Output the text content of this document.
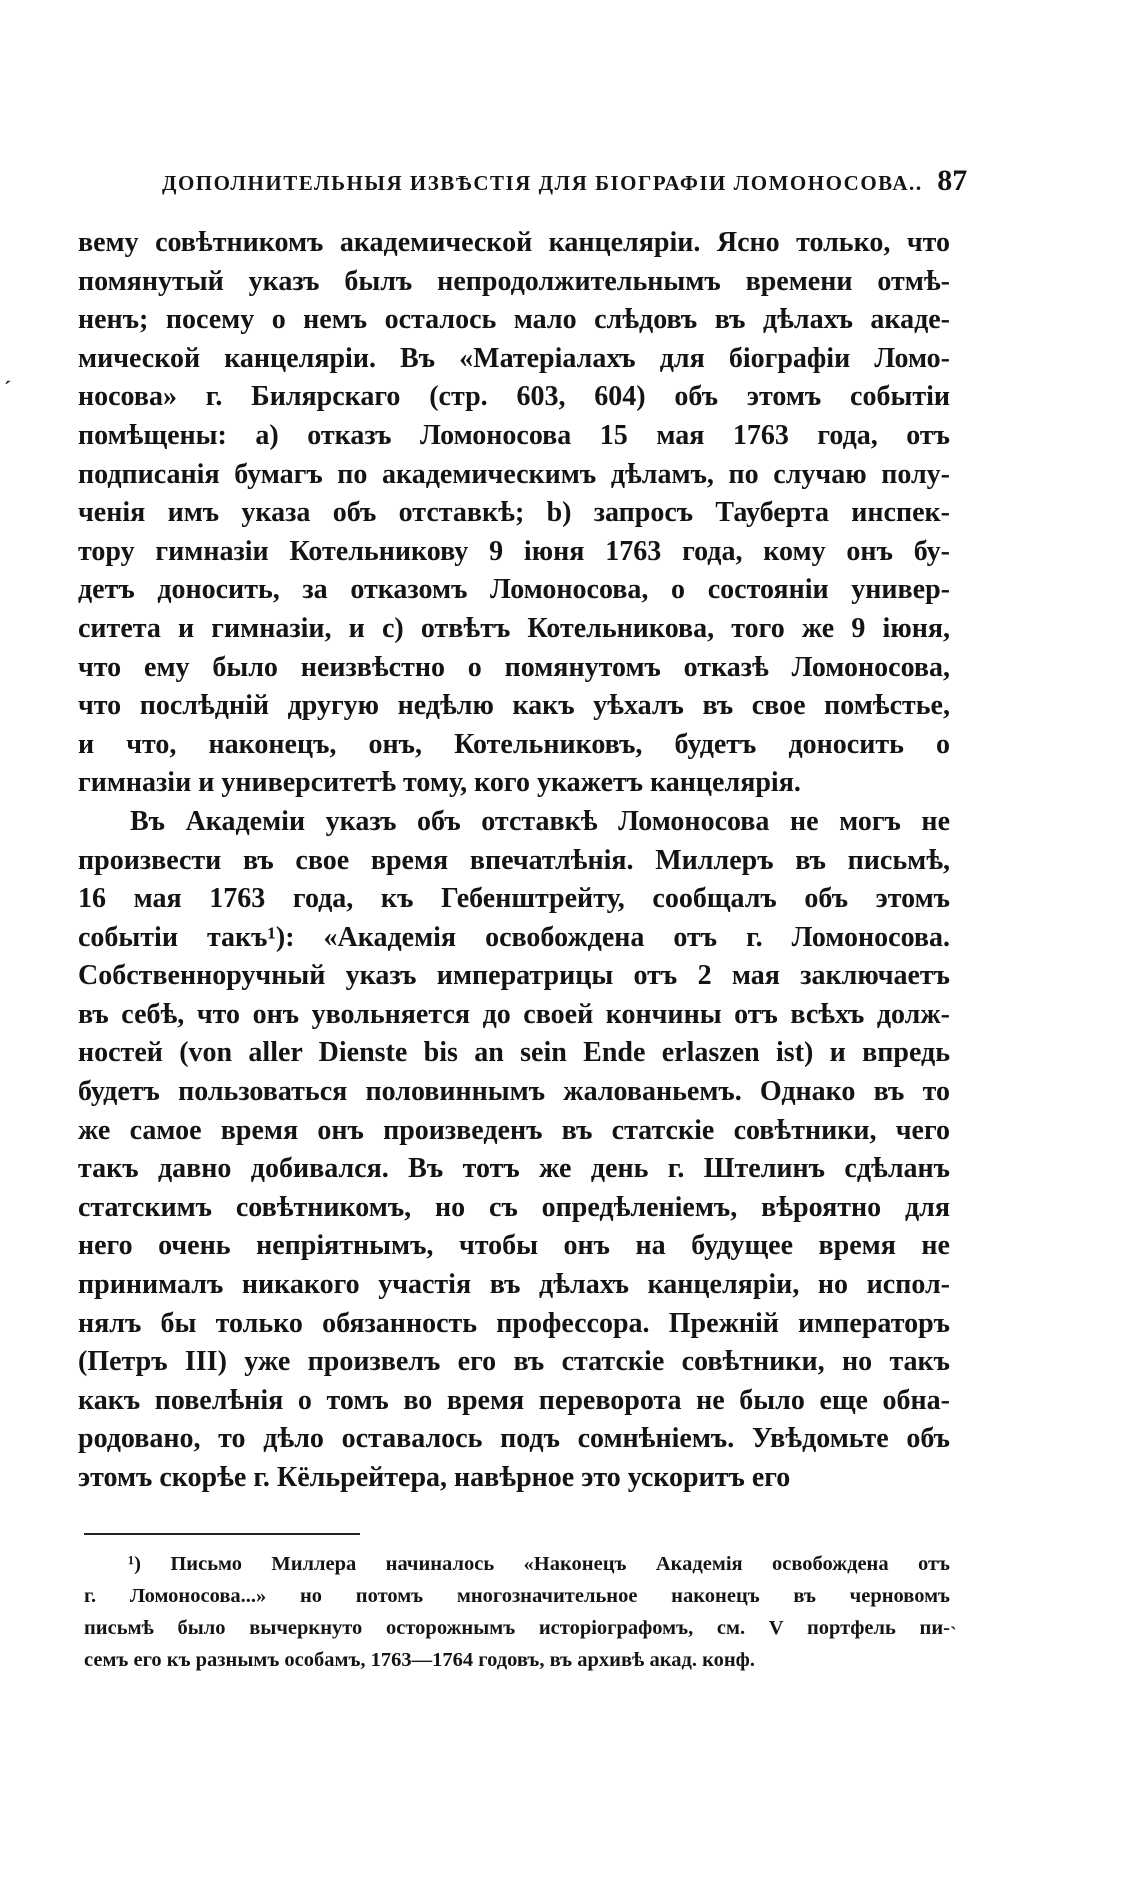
ДОПОЛНИТЕЛЬНЫЯ ИЗВѢСТІЯ ДЛЯ БІОГРАФІИ ЛОМОНОСОВА. . 87
ˊ
вему совѣтникомъ академической канцеляріи. Ясно только, что
помянутый указъ былъ непродолжительнымъ времени отмѣ-
ненъ; посему о немъ осталось мало слѣдовъ въ дѣлахъ акаде-
мической канцеляріи. Въ «Матеріалахъ для біографіи Ломо-
носова» г. Билярскаго (стр. 603, 604) объ этомъ событіи
помѣщены: a) отказъ Ломоносова 15 мая 1763 года, отъ
подписанія бумагъ по академическимъ дѣламъ, по случаю полу-
ченія имъ указа объ отставкѣ; b) запросъ Тауберта инспек-
тору гимназіи Котельникову 9 іюня 1763 года, кому онъ бу-
детъ доносить, за отказомъ Ломоносова, о состояніи универ-
ситета и гимназіи, и c) отвѣтъ Котельникова, того же 9 іюня,
что ему было неизвѣстно о помянутомъ отказѣ Ломоносова,
что послѣдній другую недѣлю какъ уѣхалъ въ свое помѣстье,
и что, наконецъ, онъ, Котельниковъ, будетъ доносить о
гимназіи и университетѣ тому, кого укажетъ канцелярія.
Въ Академіи указъ объ отставкѣ Ломоносова не могъ не
произвести въ свое время впечатлѣнія. Миллеръ въ письмѣ,
16 мая 1763 года, къ Гебенштрейту, сообщалъ объ этомъ
событіи такъ¹): «Академія освобождена отъ г. Ломоносова.
Собственноручный указъ императрицы отъ 2 мая заключаетъ
въ себѣ, что онъ увольняется до своей кончины отъ всѣхъ долж-
ностей (von aller Dienste bis an sein Ende erlaszen ist) и впредь
будетъ пользоваться половиннымъ жалованьемъ. Однако въ то
же самое время онъ произведенъ въ статскіе совѣтники, чего
такъ давно добивался. Въ тотъ же день г. Штелинъ сдѣланъ
статскимъ совѣтникомъ, но съ опредѣленіемъ, вѣроятно для
него очень непріятнымъ, чтобы онъ на будущее время не
принималъ никакого участія въ дѣлахъ канцеляріи, но испол-
нялъ бы только обязанность профессора. Прежній императоръ
(Петръ III) уже произвелъ его въ статскіе совѣтники, но такъ
какъ повелѣнія о томъ во время переворота не было еще обна-
родовано, то дѣло оставалось подъ сомнѣніемъ. Увѣдомьте объ
этомъ скорѣе г. Кёльрейтера, навѣрное это ускоритъ его
¹) Письмо Миллера начиналось «Наконецъ Академія освобождена отъ
г. Ломоносова...» но потомъ многозначительное наконецъ въ черновомъ
письмѣ было вычеркнуто осторожнымъ исторіографомъ, см. V портфель пи-
семъ его къ разнымъ особамъ, 1763—1764 годовъ, въ архивѣ акад. конф.
ˎ
